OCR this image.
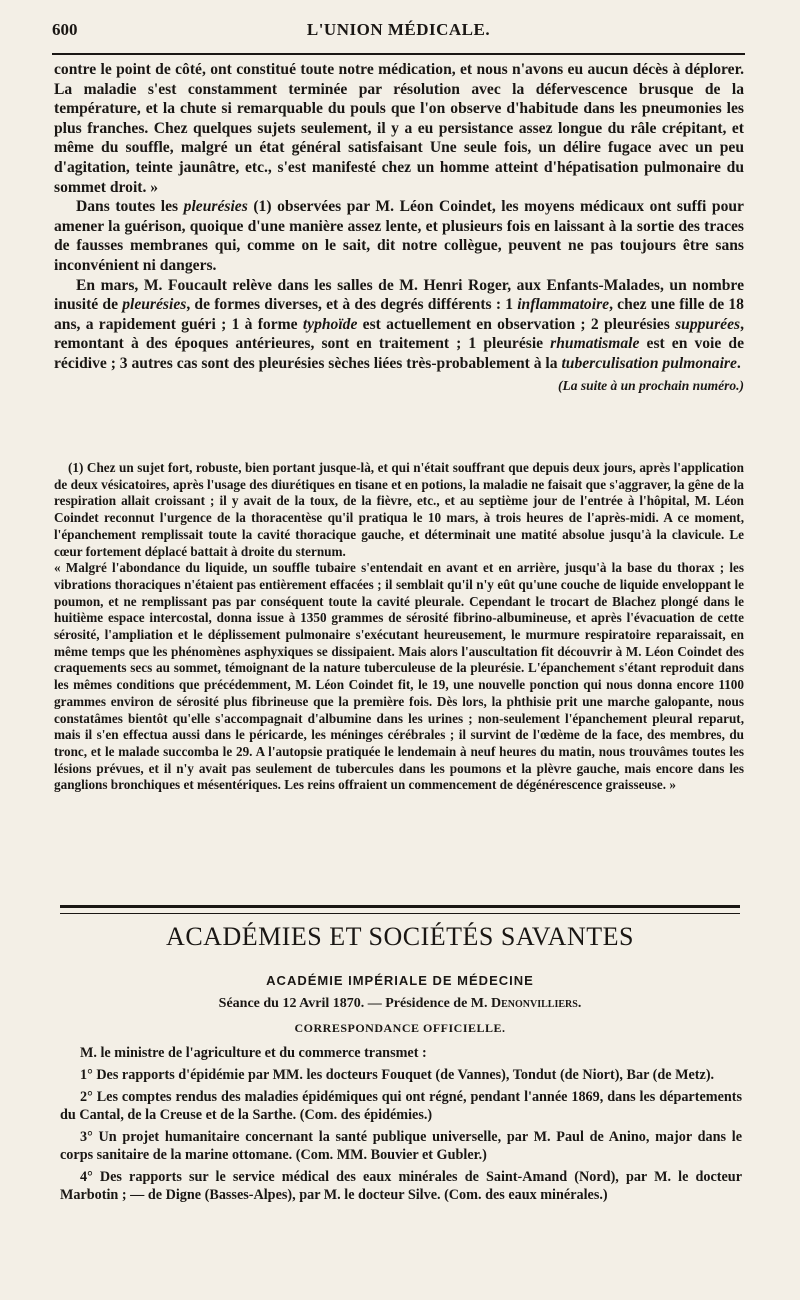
600	L'UNION MÉDICALE.

contre le point de côté, ont constitué toute notre médication, et nous n'avons eu aucun décès à déplorer. La maladie s'est constamment terminée par résolution avec la défervescence brusque de la température, et la chute si remarquable du pouls que l'on observe d'habitude dans les pneumonies les plus franches. Chez quelques sujets seulement, il y a eu persistance assez longue du râle crépitant, et même du souffle, malgré un état général satisfaisant Une seule fois, un délire fugace avec un peu d'agitation, teinte jaunâtre, etc., s'est manifesté chez un homme atteint d'hépatisation pulmonaire du sommet droit. »

Dans toutes les pleurésies (1) observées par M. Léon Coindet, les moyens médicaux ont suffi pour amener la guérison, quoique d'une manière assez lente, et plusieurs fois en laissant à la sortie des traces de fausses membranes qui, comme on le sait, dit notre collègue, peuvent ne pas toujours être sans inconvénient ni dangers.

En mars, M. Foucault relève dans les salles de M. Henri Roger, aux Enfants-Malades, un nombre inusité de pleurésies, de formes diverses, et à des degrés différents : 1 inflammatoire, chez une fille de 18 ans, a rapidement guéri ; 1 à forme typhoïde est actuellement en observation ; 2 pleurésies suppurées, remontant à des époques antérieures, sont en traitement ; 1 pleurésie rhumatismale est en voie de récidive ; 3 autres cas sont des pleurésies sèches liées très-probablement à la tuberculisation pulmonaire.

(La suite à un prochain numéro.)

(1) Chez un sujet fort, robuste, bien portant jusque-là, et qui n'était souffrant que depuis deux jours, après l'application de deux vésicatoires, après l'usage des diurétiques en tisane et en potions, la maladie ne faisait que s'aggraver, la gêne de la respiration allait croissant ; il y avait de la toux, de la fièvre, etc., et au septième jour de l'entrée à l'hôpital, M. Léon Coindet reconnut l'urgence de la thoracentèse qu'il pratiqua le 10 mars, à trois heures de l'après-midi. A ce moment, l'épanchement remplissait toute la cavité thoracique gauche, et déterminait une matité absolue jusqu'à la clavicule. Le cœur fortement déplacé battait à droite du sternum.

« Malgré l'abondance du liquide, un souffle tubaire s'entendait en avant et en arrière, jusqu'à la base du thorax ; les vibrations thoraciques n'étaient pas entièrement effacées ; il semblait qu'il n'y eût qu'une couche de liquide enveloppant le poumon, et ne remplissant pas par conséquent toute la cavité pleurale. Cependant le trocart de Blachez plongé dans le huitième espace intercostal, donna issue à 1350 grammes de sérosité fibrino-albumineuse, et après l'évacuation de cette sérosité, l'ampliation et le déplissement pulmonaire s'exécutant heureusement, le murmure respiratoire reparaissait, en même temps que les phénomènes asphyxiques se dissipaient. Mais alors l'auscultation fit découvrir à M. Léon Coindet des craquements secs au sommet, témoignant de la nature tuberculeuse de la pleurésie. L'épanchement s'étant reproduit dans les mêmes conditions que précédemment, M. Léon Coindet fit, le 19, une nouvelle ponction qui nous donna encore 1100 grammes environ de sérosité plus fibrineuse que la première fois. Dès lors, la phthisie prit une marche galopante, nous constatâmes bientôt qu'elle s'accompagnait d'albumine dans les urines ; non-seulement l'épanchement pleural reparut, mais il s'en effectua aussi dans le péricarde, les méninges cérébrales ; il survint de l'œdème de la face, des membres, du tronc, et le malade succomba le 29. A l'autopsie pratiquée le lendemain à neuf heures du matin, nous trouvâmes toutes les lésions prévues, et il n'y avait pas seulement de tubercules dans les poumons et la plèvre gauche, mais encore dans les ganglions bronchiques et mésentériques. Les reins offraient un commencement de dégénérescence graisseuse. »

ACADÉMIES ET SOCIÉTÉS SAVANTES
ACADÉMIE IMPÉRIALE DE MÉDECINE
Séance du 12 Avril 1870. — Présidence de M. Denonvilliers.
CORRESPONDANCE OFFICIELLE.

M. le ministre de l'agriculture et du commerce transmet :

1° Des rapports d'épidémie par MM. les docteurs Fouquet (de Vannes), Tondut (de Niort), Bar (de Metz).

2° Les comptes rendus des maladies épidémiques qui ont régné, pendant l'année 1869, dans les départements du Cantal, de la Creuse et de la Sarthe. (Com. des épidémies.)

3° Un projet humanitaire concernant la santé publique universelle, par M. Paul de Anino, major dans le corps sanitaire de la marine ottomane. (Com. MM. Bouvier et Gubler.)

4° Des rapports sur le service médical des eaux minérales de Saint-Amand (Nord), par M. le docteur Marbotin ; — de Digne (Basses-Alpes), par M. le docteur Silve. (Com. des eaux minérales.)
